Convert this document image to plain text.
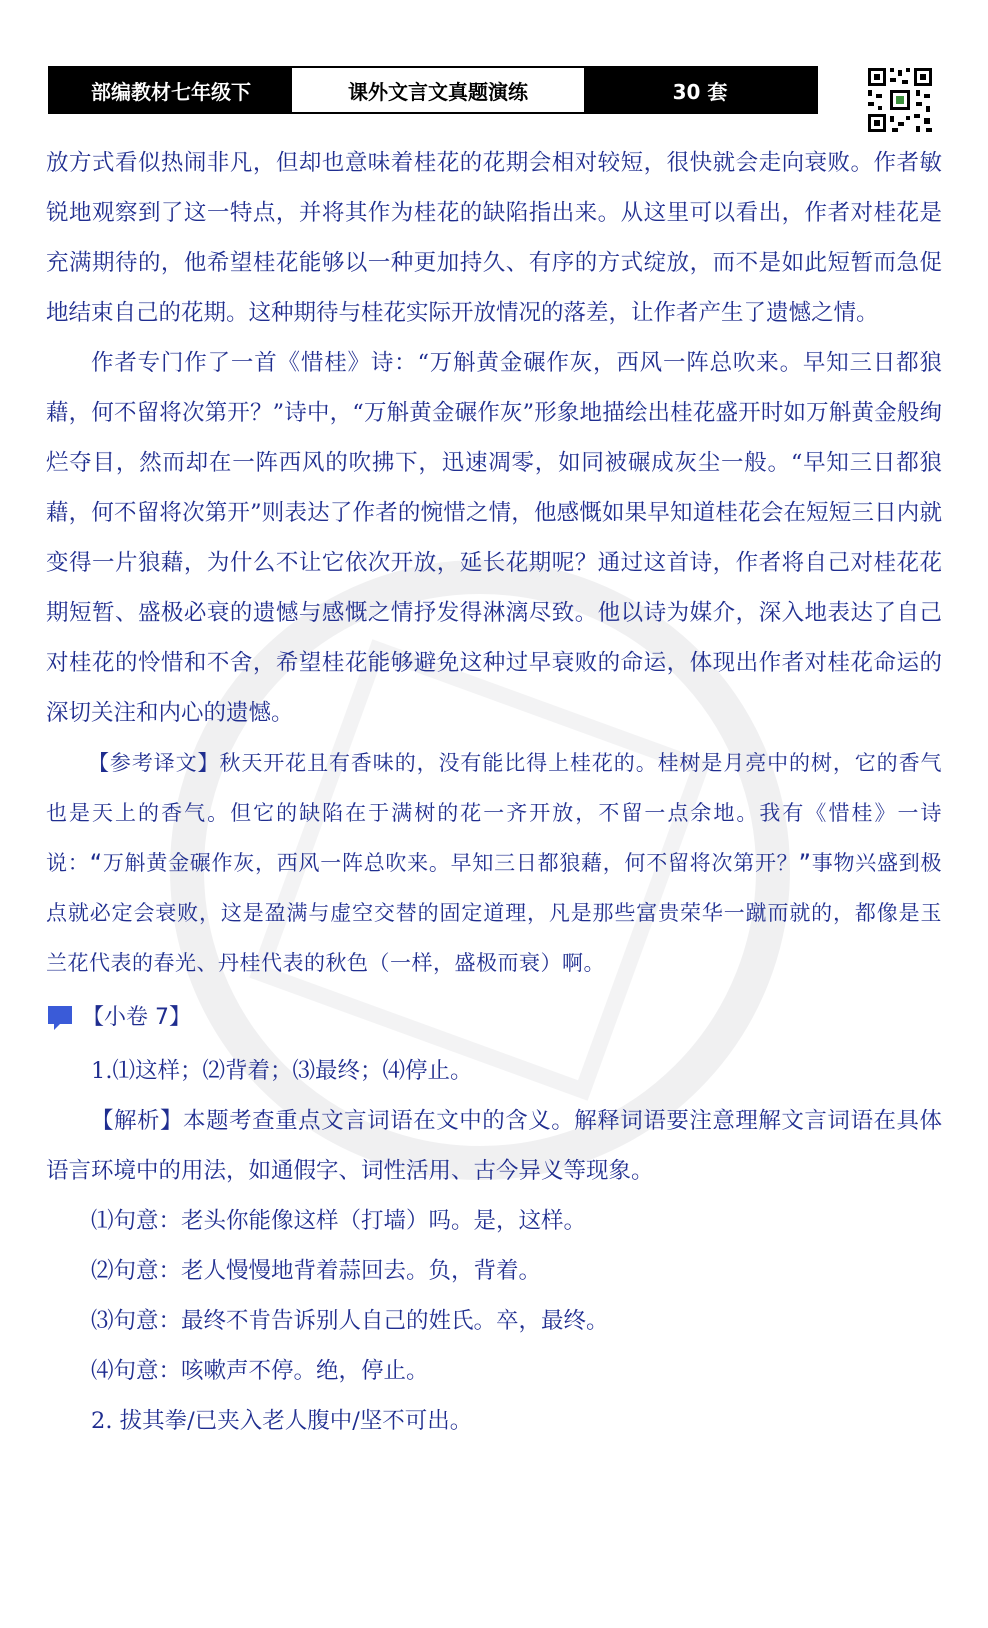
部编教材七年级下	课外文言文真题演练	30 套

放方式看似热闹非凡，但却也意味着桂花的花期会相对较短，很快就会走向衰败。作者敏锐地观察到了这一特点，并将其作为桂花的缺陷指出来。从这里可以看出，作者对桂花是充满期待的，他希望桂花能够以一种更加持久、有序的方式绽放，而不是如此短暂而急促地结束自己的花期。这种期待与桂花实际开放情况的落差，让作者产生了遗憾之情。

作者专门作了一首《惜桂》诗：“万斛黄金碾作灰，西风一阵总吹来。早知三日都狼藉，何不留将次第开？”诗中，“万斛黄金碾作灰”形象地描绘出桂花盛开时如万斛黄金般绚烂夺目，然而却在一阵西风的吹拂下，迅速凋零，如同被碾成灰尘一般。“早知三日都狼藉，何不留将次第开”则表达了作者的惋惜之情，他感慨如果早知道桂花会在短短三日内就变得一片狼藉，为什么不让它依次开放，延长花期呢？通过这首诗，作者将自己对桂花花期短暂、盛极必衰的遗憾与感慨之情抒发得淋漓尽致。他以诗为媒介，深入地表达了自己对桂花的怜惜和不舍，希望桂花能够避免这种过早衰败的命运，体现出作者对桂花命运的深切关注和内心的遗憾。

【参考译文】秋天开花且有香味的，没有能比得上桂花的。桂树是月亮中的树，它的香气也是天上的香气。但它的缺陷在于满树的花一齐开放，不留一点余地。我有《惜桂》一诗说：“万斛黄金碾作灰，西风一阵总吹来。早知三日都狼藉，何不留将次第开？”事物兴盛到极点就必定会衰败，这是盈满与虚空交替的固定道理，凡是那些富贵荣华一蹴而就的，都像是玉兰花代表的春光、丹桂代表的秋色（一样，盛极而衰）啊。

【小卷 7】

1.⑴这样；⑵背着；⑶最终；⑷停止。

【解析】本题考查重点文言词语在文中的含义。解释词语要注意理解文言词语在具体语言环境中的用法，如通假字、词性活用、古今异义等现象。

⑴句意：老头你能像这样（打墙）吗。是，这样。

⑵句意：老人慢慢地背着蒜回去。负，背着。

⑶句意：最终不肯告诉别人自己的姓氏。卒，最终。

⑷句意：咳嗽声不停。绝，停止。

2. 拔其拳/已夹入老人腹中/坚不可出。
